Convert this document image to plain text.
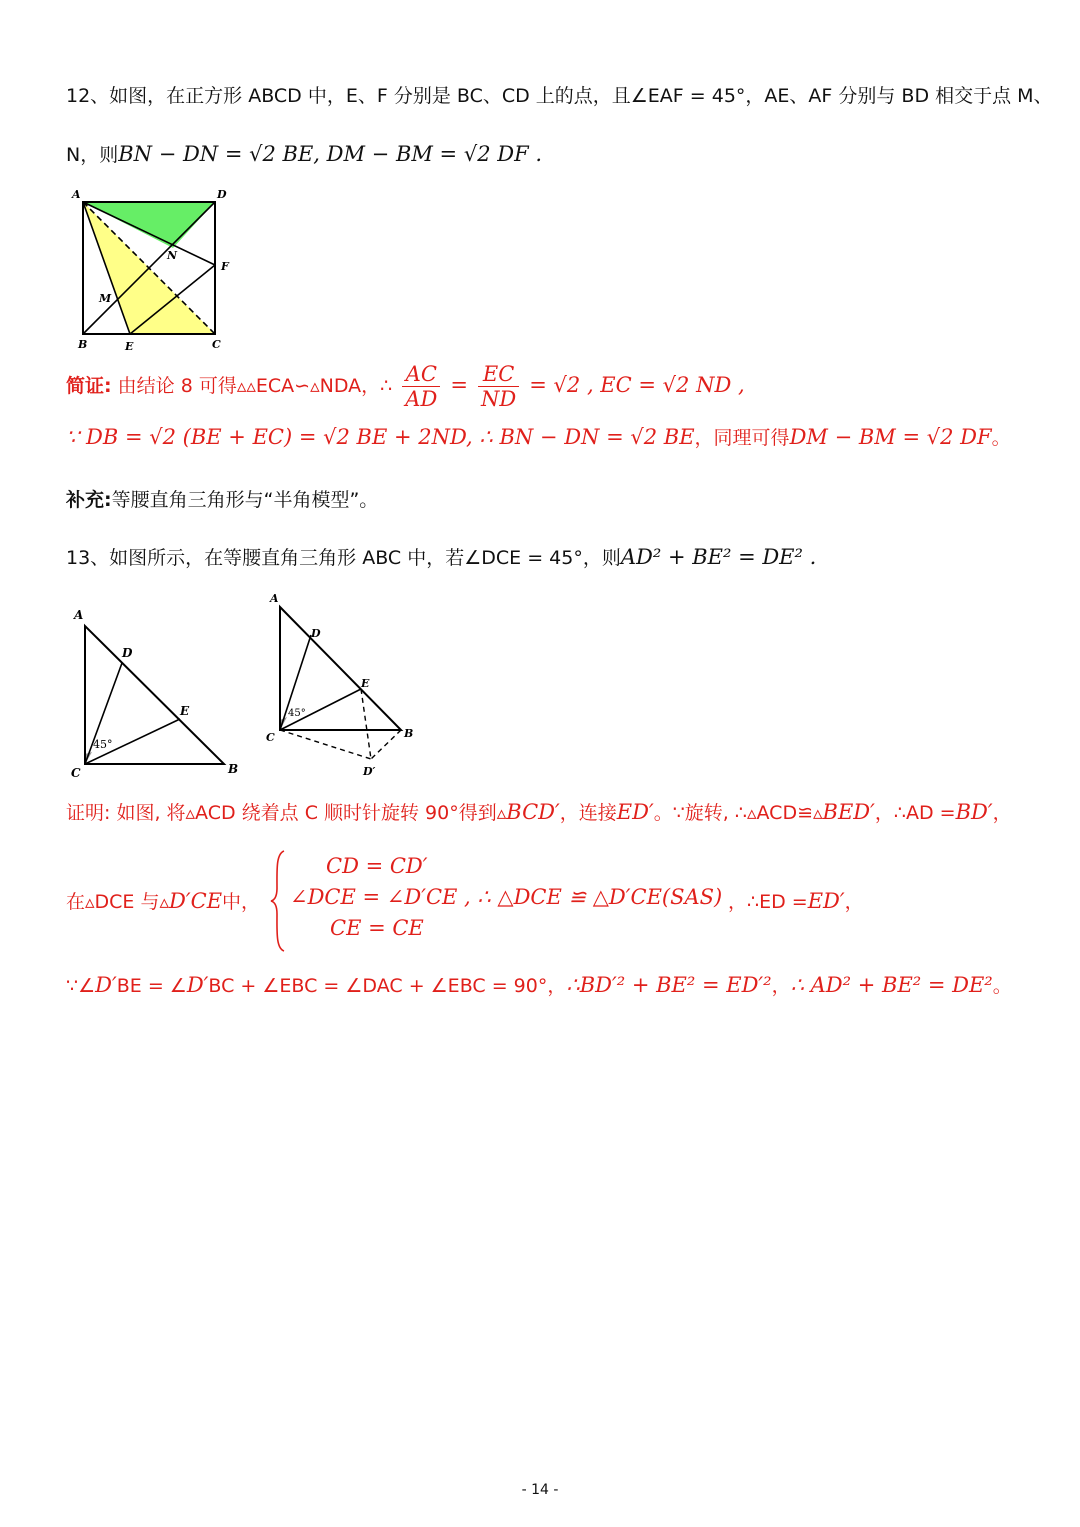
12、如图，在正方形 ABCD 中，E、F 分别是 BC、CD 上的点，且∠EAF = 45°，AE、AF 分别与 BD 相交于点 M、
N，则BN − DN = √2 BE, DM − BM = √2 DF .
A	D
N
F
M
B	E	C
简证: 由结论 8 可得▵▵ECA∽▵NDA，∴ $\frac{AC}{AD} = \frac{EC}{ND} = √2$ , EC = √2 ND ,
∵ DB = √2 (BE + EC) = √2 BE + 2ND, ∴ BN − DN = √2 BE，同理可得DM − BM = √2 DF。
补充:等腰直角三角形与“半角模型”。
13、如图所示，在等腰直角三角形 ABC 中，若∠DCE = 45°，则AD² + BE² = DE² .
A
D
E
C	B
45°
A
D
E
C	B
D′
45°
证明: 如图, 将▵ACD 绕着点 C 顺时针旋转 90°得到▵BCD′，连接ED′。∵旋转, ∴▵ACD≌▵BED′，∴AD =BD′，
在▵DCE 与▵D′CE中，
CD = CD′
∠DCE = ∠D′CE , ∴ △DCE ≌ △D′CE(SAS)
CE = CE
，∴ED =ED′，
∵∠D′BE = ∠D′BC + ∠EBC = ∠DAC + ∠EBC = 90°，∴BD′² + BE² = ED′²，∴ AD² + BE² = DE²。
- 14 -
